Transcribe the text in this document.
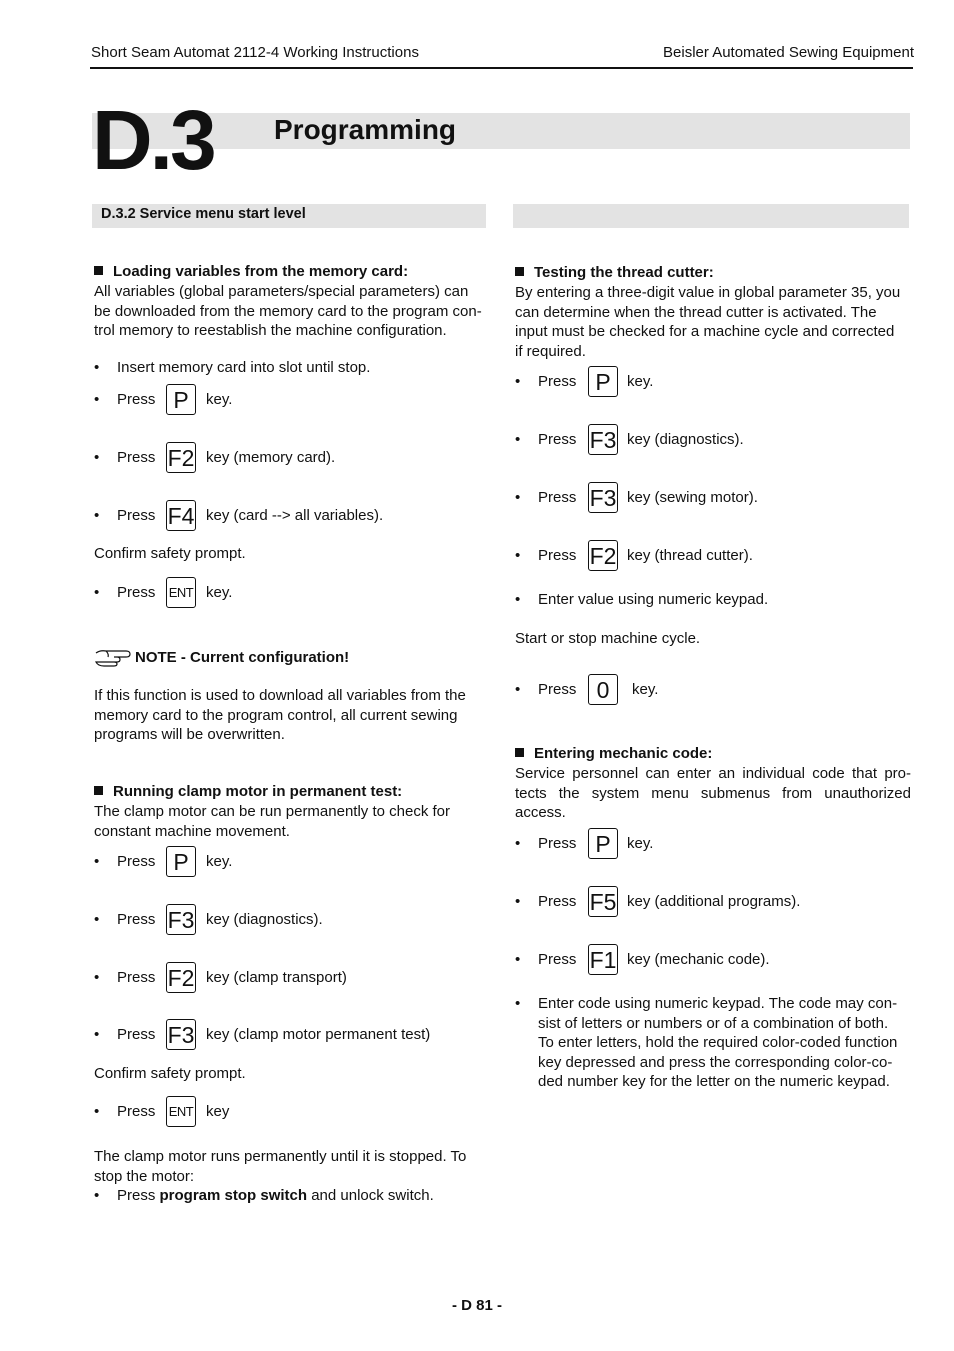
Short Seam Automat 2112-4 Working Instructions	Beisler Automated Sewing Equipment
D.3 Programming
D.3.2 Service menu start level
Loading variables from the memory card:
All variables (global parameters/special parameters) can
be downloaded from the memory card to the program con-
trol memory to reestablish the machine configuration.
• Insert memory card into slot until stop.
• Press P	key.
• Press F2 key (memory card).
• Press F4 key (card --> all variables).
Confirm safety prompt.
• Press ENT key.
NOTE - Current configuration!
If this function is used to download all variables from the
memory card to the program control, all current sewing
programs will be overwritten.
Running clamp motor in permanent test:
The clamp motor can be run permanently to check for
constant machine movement.
• Press P	key.
• Press F3 key (diagnostics).
• Press F2 key (clamp transport)
• Press F3 key (clamp motor permanent test)
Confirm safety prompt.
• Press ENT key
The clamp motor runs permanently until it is stopped. To
stop the motor:
• Press program stop switch and unlock switch.
Testing the thread cutter:
By entering a three-digit value in global parameter 35, you
can determine when the thread cutter is activated. The
input must be checked for a machine cycle and corrected
if required.
• Press P	key.
• Press F3 key (diagnostics).
• Press F3 key (sewing motor).
• Press F2 key (thread cutter).
• Enter value using numeric keypad.
Start or stop machine cycle.
• Press 0	key.
Entering mechanic code:
Service personnel can enter an individual code that pro-
tects the system menu submenus from unauthorized
access.
• Press P	key.
• Press F5 key (additional programs).
• Press F1 key (mechanic code).
• Enter code using numeric keypad. The code may con-
sist of letters or numbers or of a combination of both.
To enter letters, hold the required color-coded function
key depressed and press the corresponding color-co-
ded number key for the letter on the numeric keypad.
- D 81 -
